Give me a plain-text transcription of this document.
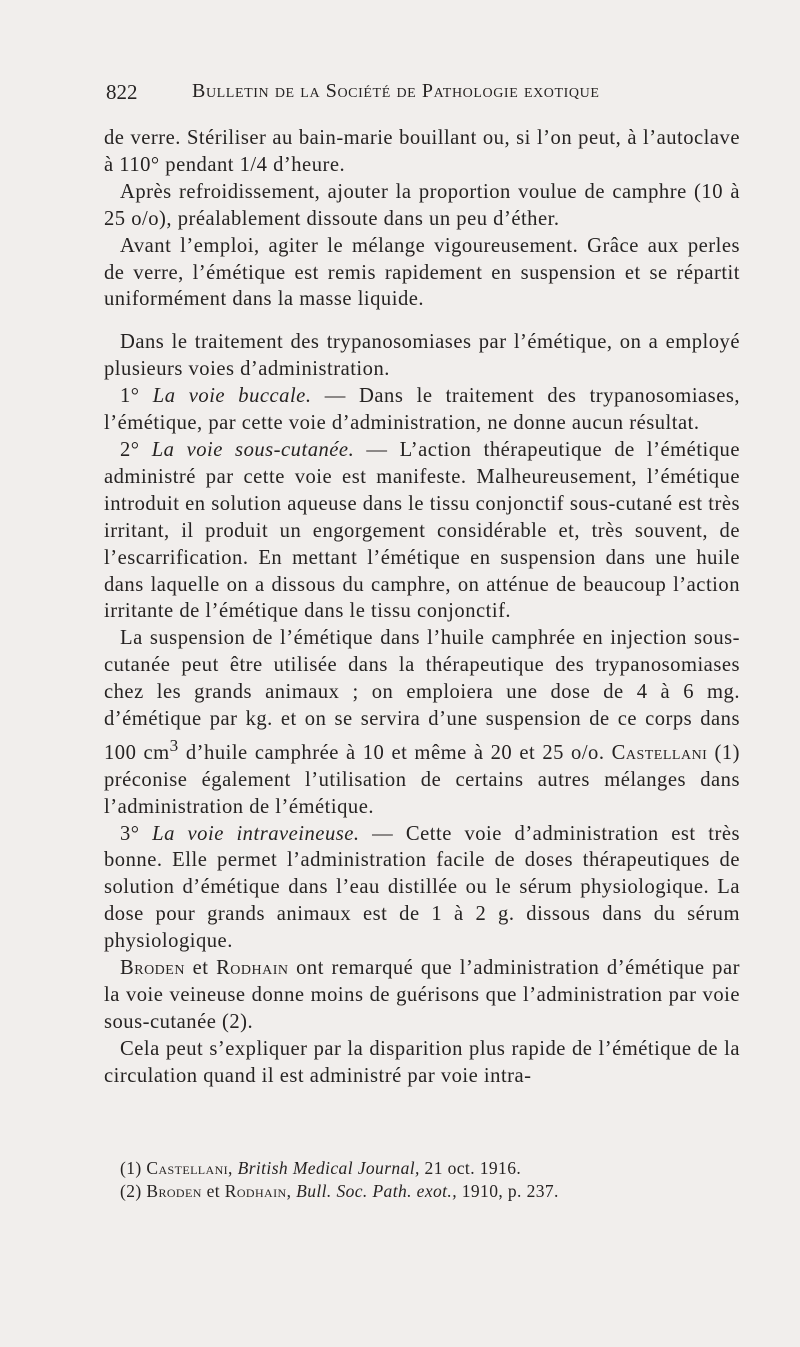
822	Bulletin de la Société de Pathologie exotique

de verre. Stériliser au bain-marie bouillant ou, si l’on peut, à l’autoclave à 110° pendant 1/4 d’heure.

Après refroidissement, ajouter la proportion voulue de camphre (10 à 25 o/o), préalablement dissoute dans un peu d’éther.

Avant l’emploi, agiter le mélange vigoureusement. Grâce aux perles de verre, l’émétique est remis rapidement en suspension et se répartit uniformément dans la masse liquide.

Dans le traitement des trypanosomiases par l’émétique, on a employé plusieurs voies d’administration.

1° La voie buccale. — Dans le traitement des trypanosomiases, l’émétique, par cette voie d’administration, ne donne aucun résultat.

2° La voie sous-cutanée. — L’action thérapeutique de l’émétique administré par cette voie est manifeste. Malheureusement, l’émétique introduit en solution aqueuse dans le tissu conjonctif sous-cutané est très irritant, il produit un engorgement considérable et, très souvent, de l’escarrification. En mettant l’émétique en suspension dans une huile dans laquelle on a dissous du camphre, on atténue de beaucoup l’action irritante de l’émétique dans le tissu conjonctif.

La suspension de l’émétique dans l’huile camphrée en injection sous-cutanée peut être utilisée dans la thérapeutique des trypanosomiases chez les grands animaux ; on emploiera une dose de 4 à 6 mg. d’émétique par kg. et on se servira d’une suspension de ce corps dans 100 $cm^3$ d’huile camphrée à 10 et même à 20 et 25 o/o. Castellani (1) préconise également l’utilisation de certains autres mélanges dans l’administration de l’émétique.

3° La voie intraveineuse. — Cette voie d’administration est très bonne. Elle permet l’administration facile de doses thérapeutiques de solution d’émétique dans l’eau distillée ou le sérum physiologique. La dose pour grands animaux est de 1 à 2 g. dissous dans du sérum physiologique.

Broden et Rodhain ont remarqué que l’administration d’émétique par la voie veineuse donne moins de guérisons que l’administration par voie sous-cutanée (2).

Cela peut s’expliquer par la disparition plus rapide de l’émétique de la circulation quand il est administré par voie intra-

(1) Castellani, British Medical Journal, 21 oct. 1916.

(2) Broden et Rodhain, Bull. Soc. Path. exot., 1910, p. 237.
